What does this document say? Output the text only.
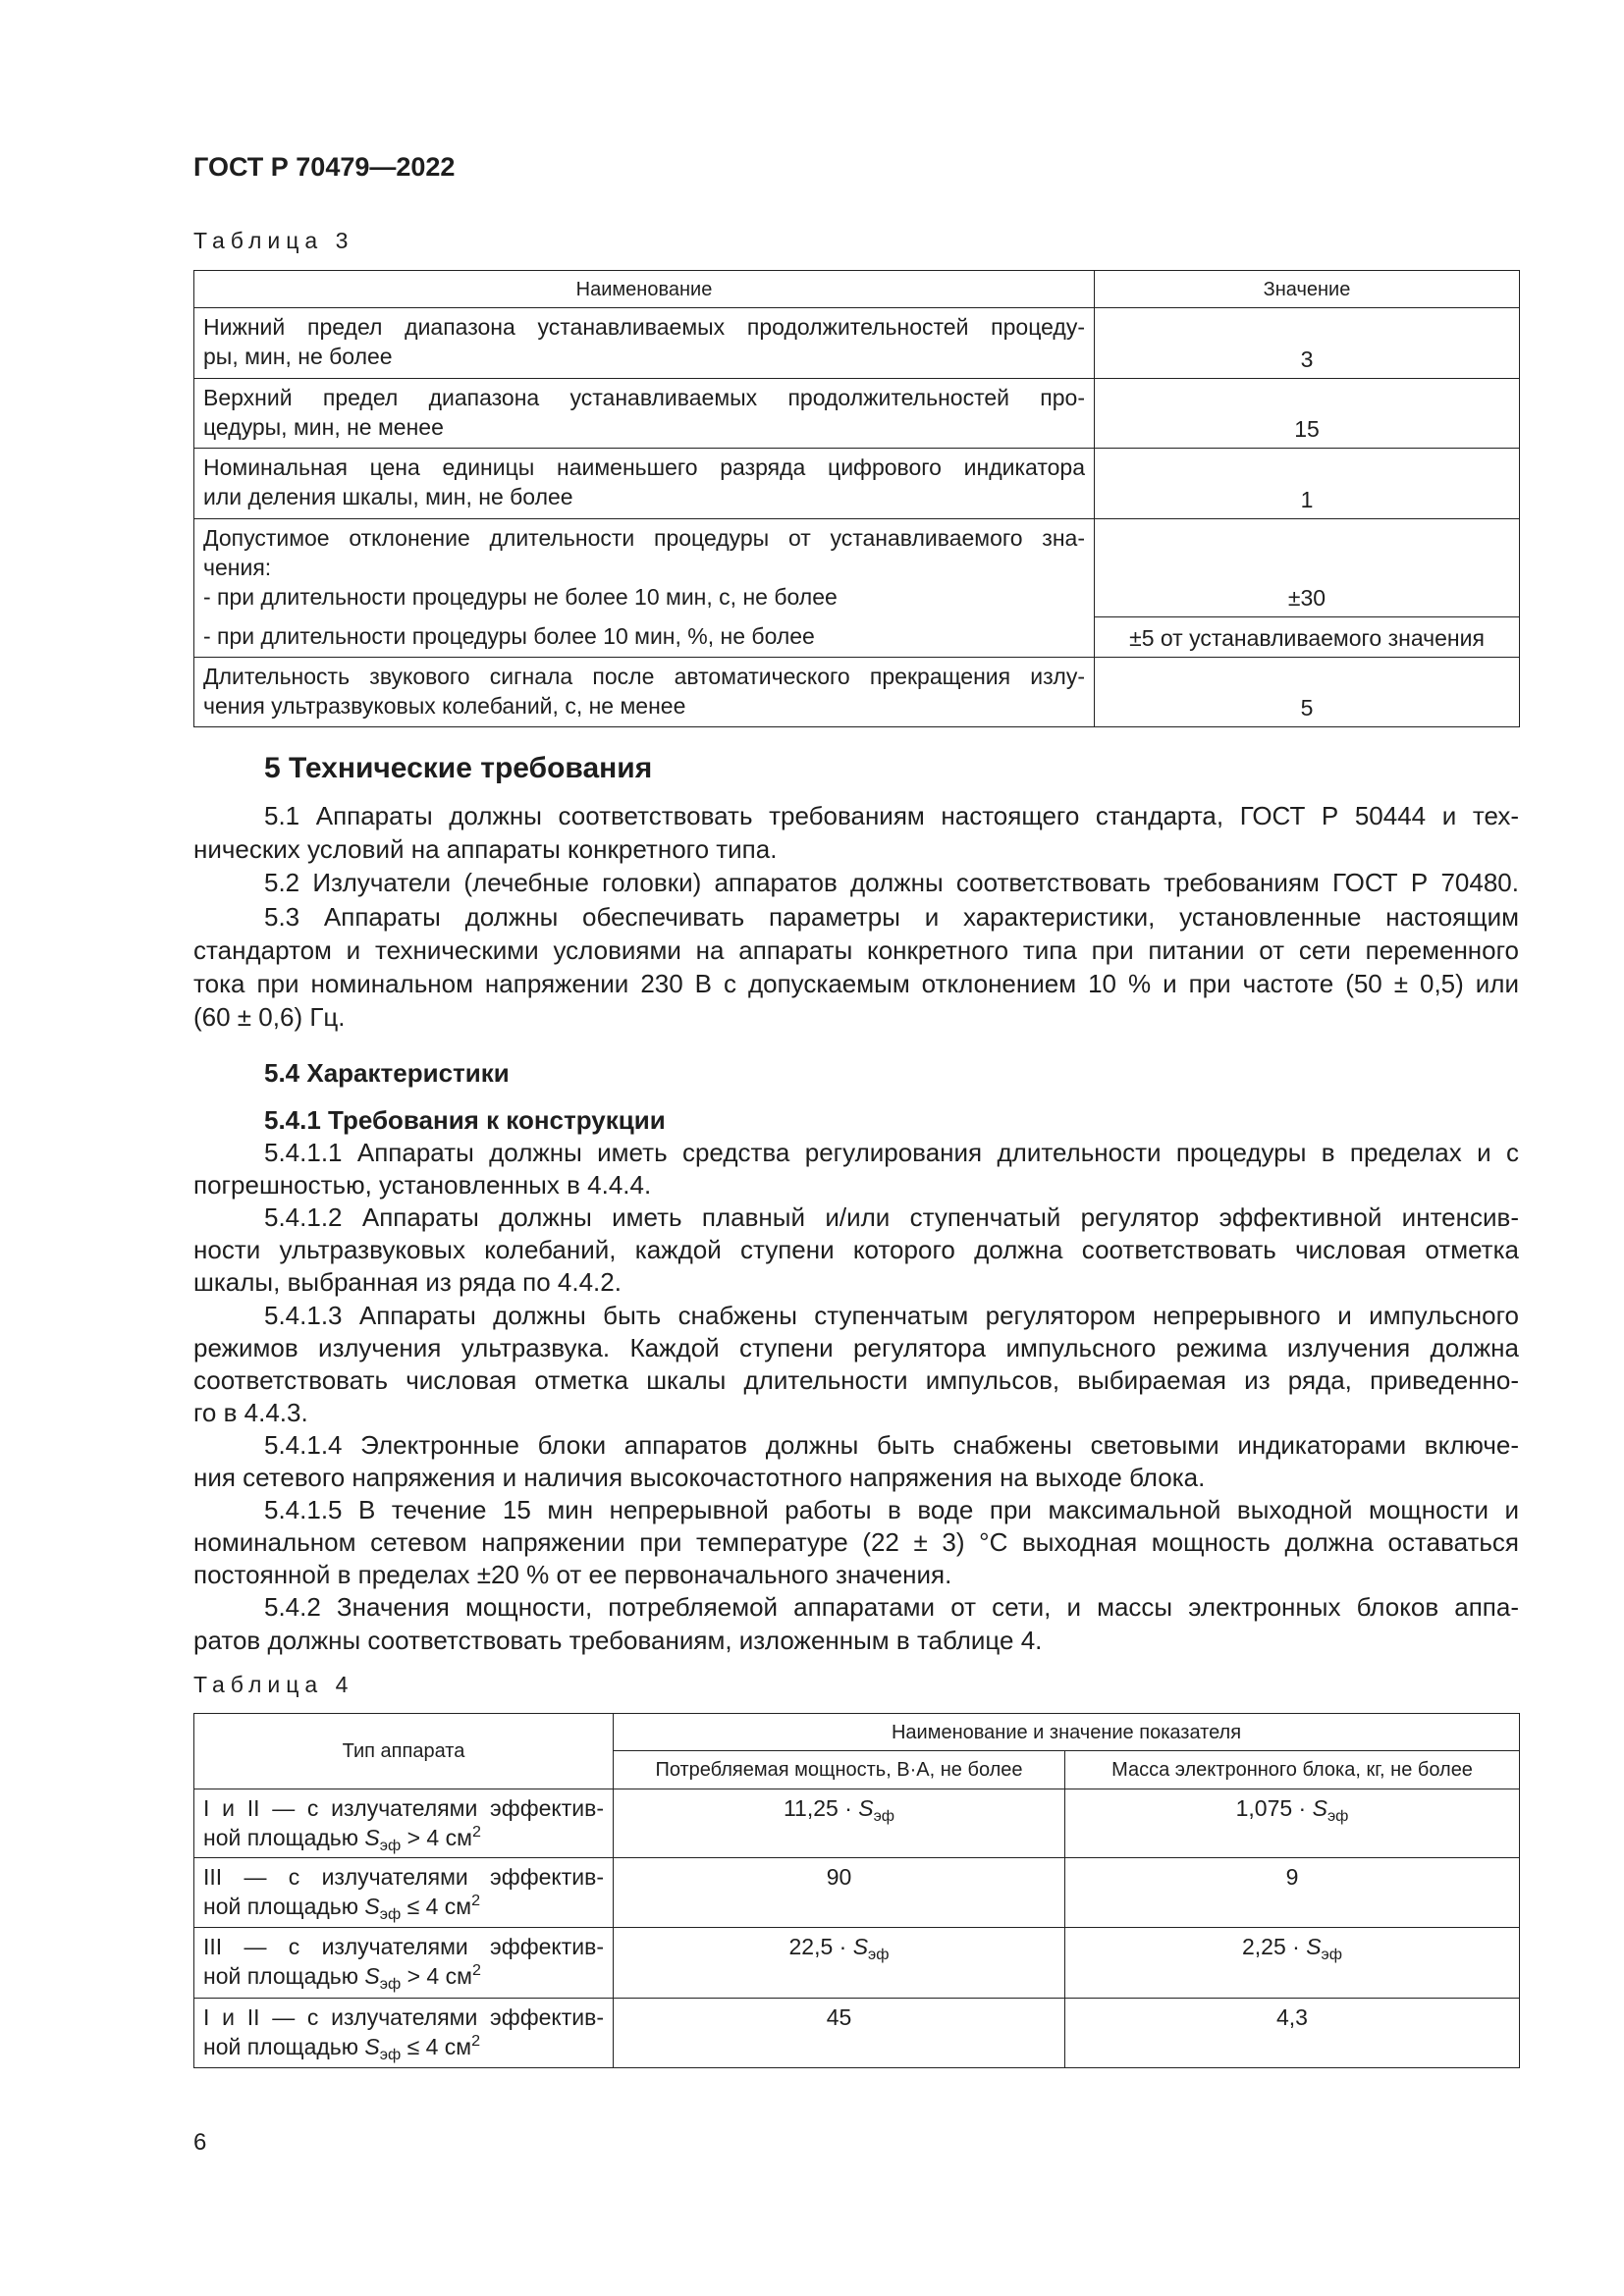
ГОСТ Р 70479—2022
Таблица 3
Наименование	Значение

Нижний предел диапазона устанавливаемых продолжительностей процеду-
ры, мин, не более	3

Верхний предел диапазона устанавливаемых продолжительностей про-
цедуры, мин, не менее	15

Номинальная цена единицы наименьшего разряда цифрового индикатора
или деления шкалы, мин, не более	1

Допустимое отклонение длительности процедуры от устанавливаемого зна-
чения:
- при длительности процедуры не более 10 мин, с, не более	±30

- при длительности процедуры более 10 мин, %, не более	±5 от устанавливаемого значения

Длительность звукового сигнала после автоматического прекращения излу-
чения ультразвуковых колебаний, с, не менее	5
5 Технические требования
5.1 Аппараты должны соответствовать требованиям настоящего стандарта, ГОСТ Р 50444 и тех-
нических условий на аппараты конкретного типа.
5.2 Излучатели (лечебные головки) аппаратов должны соответствовать требованиям ГОСТ Р 70480.
5.3 Аппараты должны обеспечивать параметры и характеристики, установленные настоящим
стандартом и техническими условиями на аппараты конкретного типа при питании от сети переменного
тока при номинальном напряжении 230 В с допускаемым отклонением 10 % и при частоте (50 ± 0,5) или
(60 ± 0,6) Гц.
5.4 Характеристики
5.4.1 Требования к конструкции
5.4.1.1 Аппараты должны иметь средства регулирования длительности процедуры в пределах и с
погрешностью, установленных в 4.4.4.
5.4.1.2 Аппараты должны иметь плавный и/или ступенчатый регулятор эффективной интенсив-
ности ультразвуковых колебаний, каждой ступени которого должна соответствовать числовая отметка
шкалы, выбранная из ряда по 4.4.2.
5.4.1.3 Аппараты должны быть снабжены ступенчатым регулятором непрерывного и импульсного
режимов излучения ультразвука. Каждой ступени регулятора импульсного режима излучения должна
соответствовать числовая отметка шкалы длительности импульсов, выбираемая из ряда, приведенно-
го в 4.4.3.
5.4.1.4 Электронные блоки аппаратов должны быть снабжены световыми индикаторами включе-
ния сетевого напряжения и наличия высокочастотного напряжения на выходе блока.
5.4.1.5 В течение 15 мин непрерывной работы в воде при максимальной выходной мощности и
номинальном сетевом напряжении при температуре (22 ± 3) °С выходная мощность должна оставаться
постоянной в пределах ±20 % от ее первоначального значения.
5.4.2 Значения мощности, потребляемой аппаратами от сети, и массы электронных блоков аппа-
ратов должны соответствовать требованиям, изложенным в таблице 4.
Таблица 4
Тип аппарата	Наименование и значение показателя	
	Потребляемая мощность, В·А, не более	Масса электронного блока, кг, не более

I и II — с излучателями эффектив-
ной площадью $S_{эф} > 4$ $см^2$	$11,25 \cdot S_{эф}$	$1,075 \cdot S_{эф}$

III — с излучателями эффектив-
ной площадью $S_{эф} \le 4$ $см^2$	90	9

III — с излучателями эффектив-
ной площадью $S_{эф} > 4$ $см^2$	$22,5 \cdot S_{эф}$	$2,25 \cdot S_{эф}$

I и II — с излучателями эффектив-
ной площадью $S_{эф} \le 4$ $см^2$	45	4,3
6
